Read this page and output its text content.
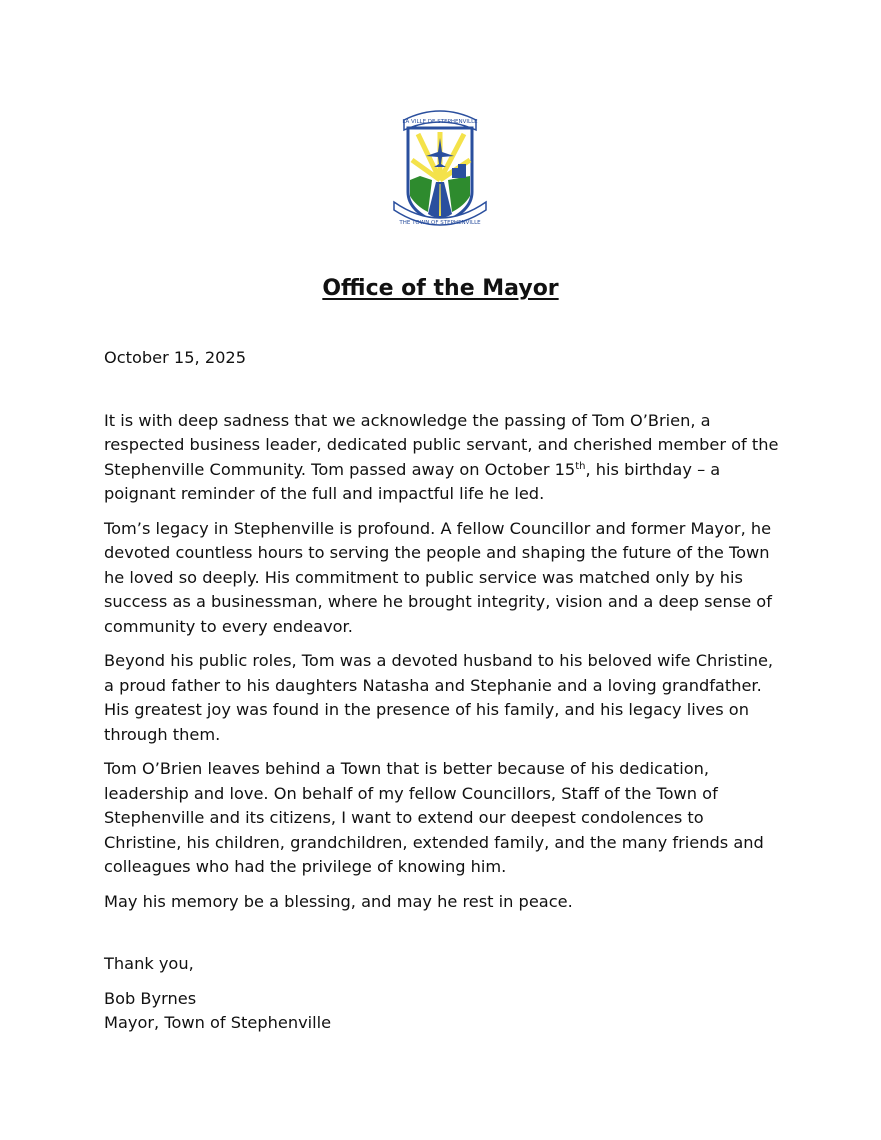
LA VILLE DE STEPHENVILLE
THE TOWN OF STEPHENVILLE
Office of the Mayor

October 15, 2025

It is with deep sadness that we acknowledge the passing of Tom O’Brien, a respected business leader, dedicated public servant, and cherished member of the Stephenville Community. Tom passed away on October 15th, his birthday – a poignant reminder of the full and impactful life he led.

Tom’s legacy in Stephenville is profound. A fellow Councillor and former Mayor, he devoted countless hours to serving the people and shaping the future of the Town he loved so deeply. His commitment to public service was matched only by his success as a businessman, where he brought integrity, vision and a deep sense of community to every endeavor.

Beyond his public roles, Tom was a devoted husband to his beloved wife Christine, a proud father to his daughters Natasha and Stephanie and a loving grandfather. His greatest joy was found in the presence of his family, and his legacy lives on through them.

Tom O’Brien leaves behind a Town that is better because of his dedication, leadership and love. On behalf of my fellow Councillors, Staff of the Town of Stephenville and its citizens, I want to extend our deepest condolences to Christine, his children, grandchildren, extended family, and the many friends and colleagues who had the privilege of knowing him.

May his memory be a blessing, and may he rest in peace.

Thank you,

Bob Byrnes

Mayor, Town of Stephenville
